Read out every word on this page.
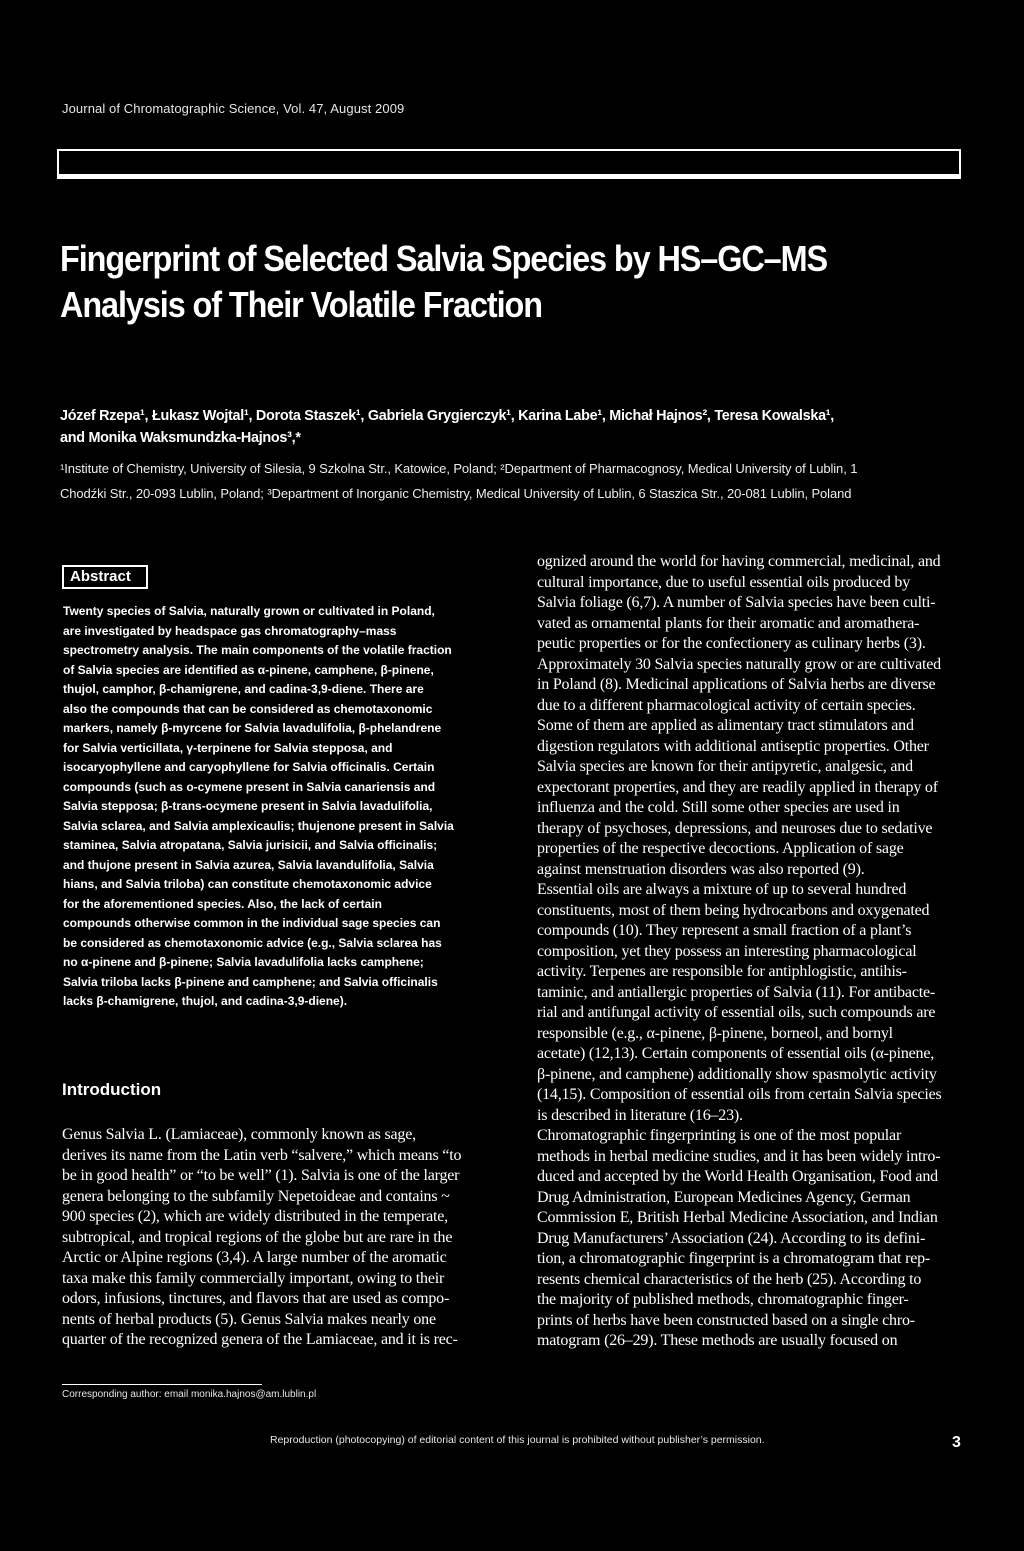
Journal of Chromatographic Science, Vol. 47, August 2009
Fingerprint of Selected Salvia Species by HS–GC–MS
Analysis of Their Volatile Fraction
Józef Rzepa¹, Łukasz Wojtal¹, Dorota Staszek¹, Gabriela Grygierczyk¹, Karina Labe¹, Michał Hajnos², Teresa Kowalska¹,
and Monika Waksmundzka-Hajnos³,*
¹Institute of Chemistry, University of Silesia, 9 Szkolna Str., Katowice, Poland; ²Department of Pharmacognosy, Medical University of Lublin, 1
Chodźki Str., 20-093 Lublin, Poland; ³Department of Inorganic Chemistry, Medical University of Lublin, 6 Staszica Str., 20-081 Lublin, Poland
Abstract
Twenty species of Salvia, naturally grown or cultivated in Poland,
are investigated by headspace gas chromatography–mass
spectrometry analysis. The main components of the volatile fraction
of Salvia species are identified as α-pinene, camphene, β-pinene,
thujol, camphor, β-chamigrene, and cadina-3,9-diene. There are
also the compounds that can be considered as chemotaxonomic
markers, namely β-myrcene for Salvia lavadulifolia, β-phelandrene
for Salvia verticillata, γ-terpinene for Salvia stepposa, and
isocaryophyllene and caryophyllene for Salvia officinalis. Certain
compounds (such as o-cymene present in Salvia canariensis and
Salvia stepposa; β-trans-ocymene present in Salvia lavadulifolia,
Salvia sclarea, and Salvia amplexicaulis; thujenone present in Salvia
staminea, Salvia atropatana, Salvia jurisicii, and Salvia officinalis;
and thujone present in Salvia azurea, Salvia lavandulifolia, Salvia
hians, and Salvia triloba) can constitute chemotaxonomic advice
for the aforementioned species. Also, the lack of certain
compounds otherwise common in the individual sage species can
be considered as chemotaxonomic advice (e.g., Salvia sclarea has
no α-pinene and β-pinene; Salvia lavadulifolia lacks camphene;
Salvia triloba lacks β-pinene and camphene; and Salvia officinalis
lacks β-chamigrene, thujol, and cadina-3,9-diene).
Introduction
Genus Salvia L. (Lamiaceae), commonly known as sage,
derives its name from the Latin verb “salvere,” which means “to
be in good health” or “to be well” (1). Salvia is one of the larger
genera belonging to the subfamily Nepetoideae and contains ~
900 species (2), which are widely distributed in the temperate,
subtropical, and tropical regions of the globe but are rare in the
Arctic or Alpine regions (3,4). A large number of the aromatic
taxa make this family commercially important, owing to their
odors, infusions, tinctures, and flavors that are used as compo-
nents of herbal products (5). Genus Salvia makes nearly one
quarter of the recognized genera of the Lamiaceae, and it is rec-
ognized around the world for having commercial, medicinal, and
cultural importance, due to useful essential oils produced by
Salvia foliage (6,7). A number of Salvia species have been culti-
vated as ornamental plants for their aromatic and aromathera-
peutic properties or for the confectionery as culinary herbs (3).
Approximately 30 Salvia species naturally grow or are cultivated
in Poland (8). Medicinal applications of Salvia herbs are diverse
due to a different pharmacological activity of certain species.
Some of them are applied as alimentary tract stimulators and
digestion regulators with additional antiseptic properties. Other
Salvia species are known for their antipyretic, analgesic, and
expectorant properties, and they are readily applied in therapy of
influenza and the cold. Still some other species are used in
therapy of psychoses, depressions, and neuroses due to sedative
properties of the respective decoctions. Application of sage
against menstruation disorders was also reported (9).
Essential oils are always a mixture of up to several hundred
constituents, most of them being hydrocarbons and oxygenated
compounds (10). They represent a small fraction of a plant’s
composition, yet they possess an interesting pharmacological
activity. Terpenes are responsible for antiphlogistic, antihis-
taminic, and antiallergic properties of Salvia (11). For antibacte-
rial and antifungal activity of essential oils, such compounds are
responsible (e.g., α-pinene, β-pinene, borneol, and bornyl
acetate) (12,13). Certain components of essential oils (α-pinene,
β-pinene, and camphene) additionally show spasmolytic activity
(14,15). Composition of essential oils from certain Salvia species
is described in literature (16–23).
Chromatographic fingerprinting is one of the most popular
methods in herbal medicine studies, and it has been widely intro-
duced and accepted by the World Health Organisation, Food and
Drug Administration, European Medicines Agency, German
Commission E, British Herbal Medicine Association, and Indian
Drug Manufacturers’ Association (24). According to its defini-
tion, a chromatographic fingerprint is a chromatogram that rep-
resents chemical characteristics of the herb (25). According to
the majority of published methods, chromatographic finger-
prints of herbs have been constructed based on a single chro-
matogram (26–29). These methods are usually focused on
Corresponding author: email monika.hajnos@am.lublin.pl
Reproduction (photocopying) of editorial content of this journal is prohibited without publisher’s permission.	3
